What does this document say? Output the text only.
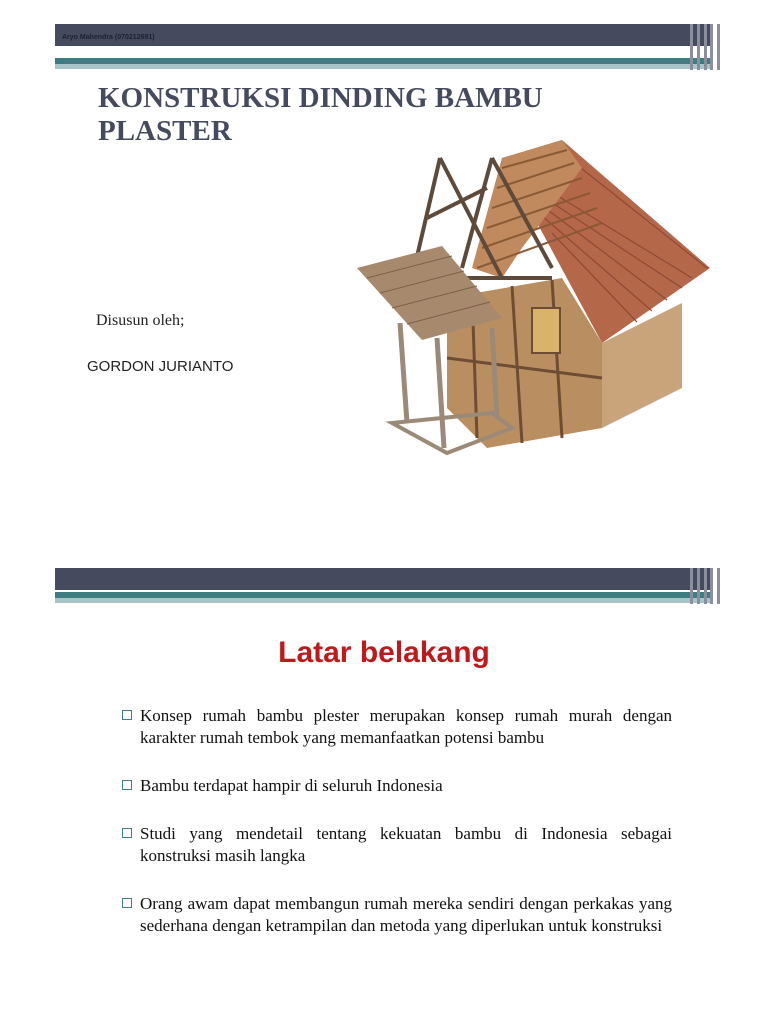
Aryo Mahendra (070212691)
KONSTRUKSI DINDING BAMBU PLASTER
Disusun oleh;
GORDON JURIANTO
Latar belakang
Konsep rumah bambu plester merupakan konsep rumah murah dengan karakter rumah tembok yang memanfaatkan potensi bambu
Bambu terdapat hampir di seluruh Indonesia
Studi yang mendetail tentang kekuatan bambu di Indonesia sebagai konstruksi masih langka
Orang awam dapat membangun rumah mereka sendiri dengan perkakas yang sederhana dengan ketrampilan dan metoda yang diperlukan untuk konstruksi
